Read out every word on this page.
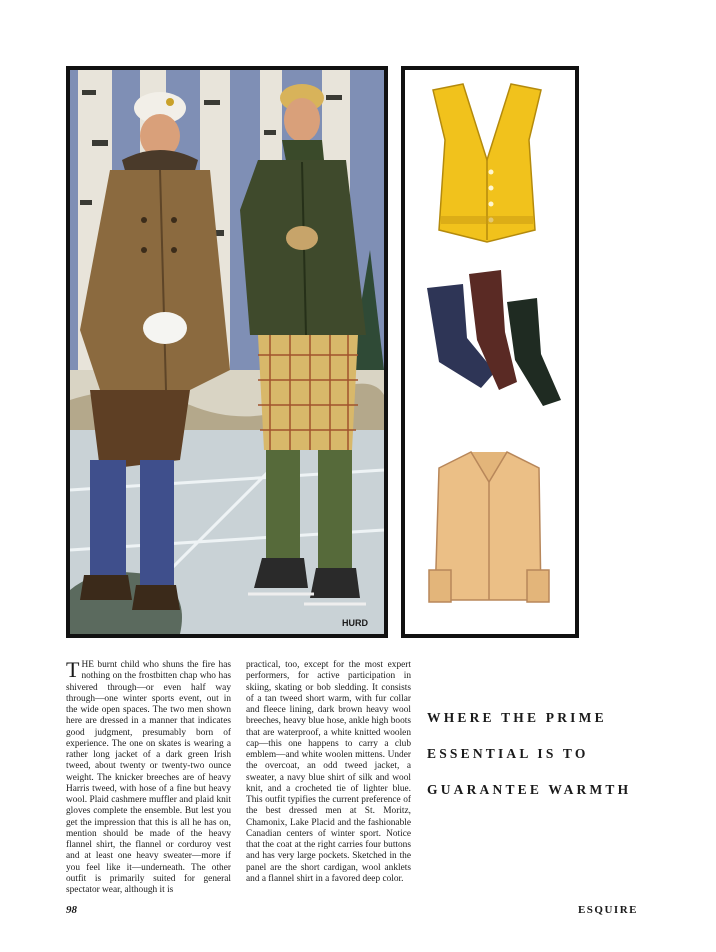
HURD
THE burnt child who shuns the fire has nothing on the frostbitten chap who has shivered through—or even half way through—one winter sports event, out in the wide open spaces. The two men shown here are dressed in a manner that indicates good judgment, presumably born of experience. The one on skates is wearing a rather long jacket of a dark green Irish tweed, about twenty or twenty-two ounce weight. The knicker breeches are of heavy Harris tweed, with hose of a fine but heavy wool. Plaid cashmere muffler and plaid knit gloves complete the ensemble. But lest you get the impression that this is all he has on, mention should be made of the heavy flannel shirt, the flannel or corduroy vest and at least one heavy sweater—more if you feel like it—underneath. The other outfit is primarily suited for general spectator wear, although it is
practical, too, except for the most expert performers, for active participation in skiing, skating or bob sledding. It consists of a tan tweed short warm, with fur collar and fleece lining, dark brown heavy wool breeches, heavy blue hose, ankle high boots that are waterproof, a white knitted woolen cap—this one happens to carry a club emblem—and white woolen mittens. Under the overcoat, an odd tweed jacket, a sweater, a navy blue shirt of silk and wool knit, and a crocheted tie of lighter blue. This outfit typifies the current preference of the best dressed men at St. Moritz, Chamonix, Lake Placid and the fashionable Canadian centers of winter sport. Notice that the coat at the right carries four buttons and has very large pockets. Sketched in the panel are the short cardigan, wool anklets and a flannel shirt in a favored deep color.
WHERE THE PRIME
ESSENTIAL IS TO
GUARANTEE WARMTH
98	ESQUIRE
